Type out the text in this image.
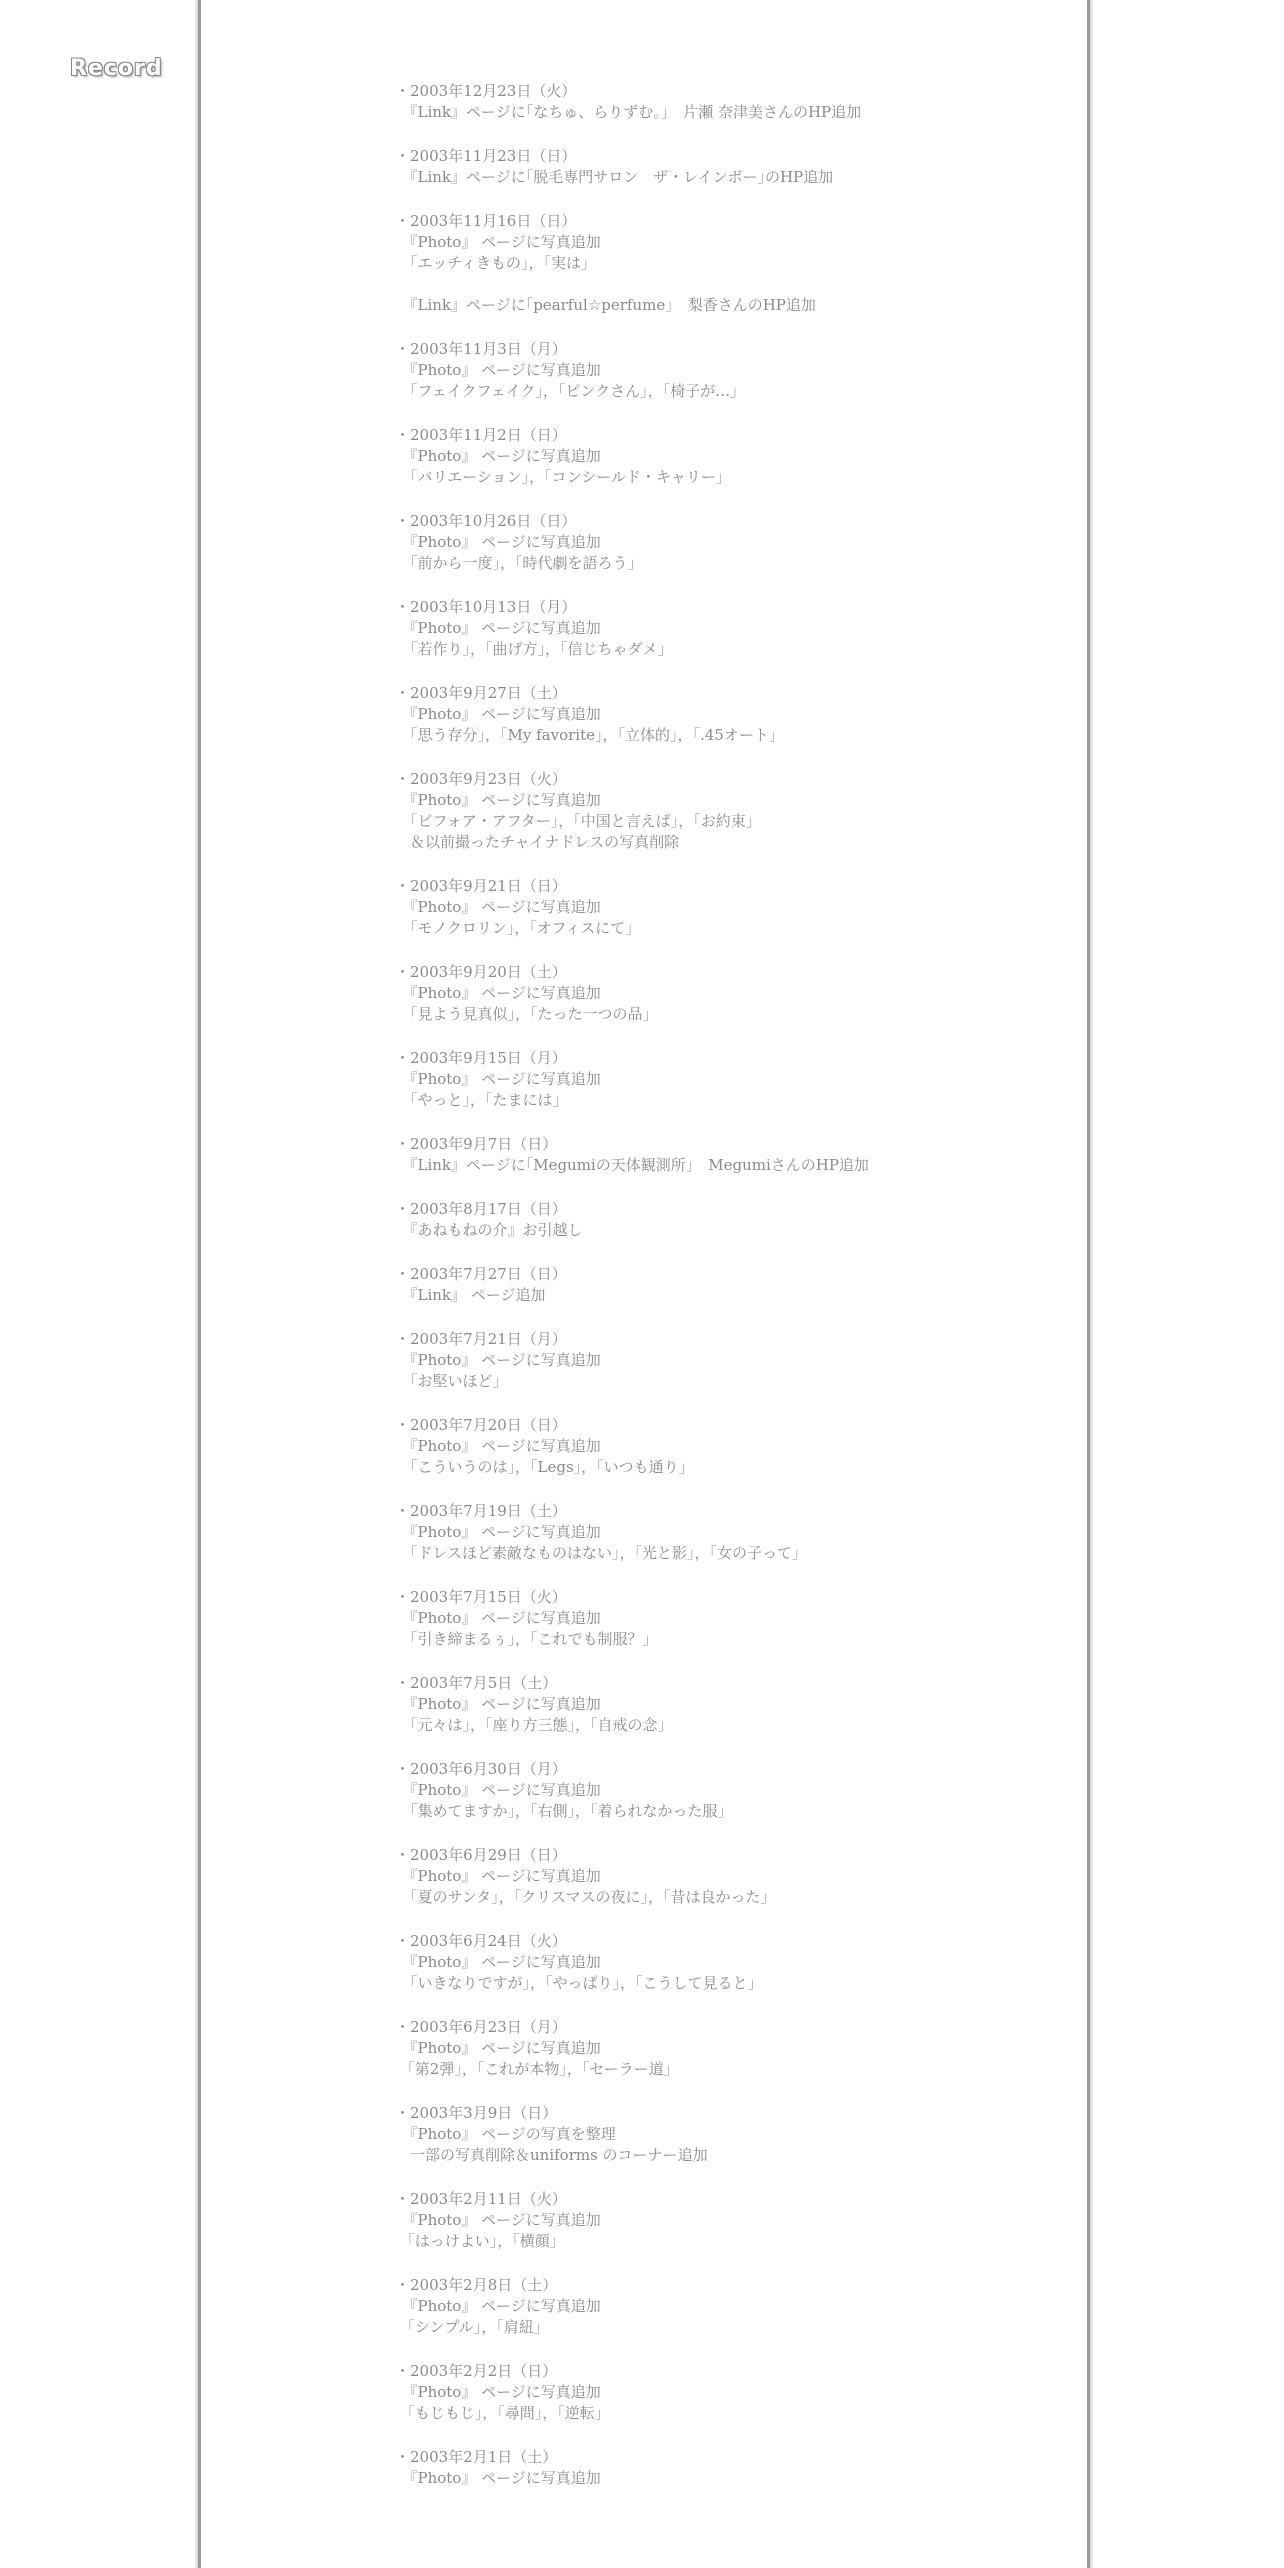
Record
・2003年12月23日（火）
　『Link』ページに｢なちゅ、らりずむ。」　片瀬 奈津美さんのHP追加
・2003年11月23日（日）
　『Link』ページに｢脱毛専門サロン　ザ・レインボー｣のHP追加
・2003年11月16日（日）
　『Photo』 ページに写真追加
　「エッチィきもの」，「実は」
　『Link』ページに｢pearful☆perfume｣　梨香さんのHP追加
・2003年11月3日（月）
　『Photo』 ページに写真追加
　「フェイクフェイク」，「ピンクさん」，「椅子が…」
・2003年11月2日（日）
　『Photo』 ページに写真追加
　「バリエーション」，「コンシールド・キャリー」
・2003年10月26日（日）
　『Photo』 ページに写真追加
　「前から一度」，「時代劇を語ろう」
・2003年10月13日（月）
　『Photo』 ページに写真追加
　「若作り」，「曲げ方」，「信じちゃダメ」
・2003年9月27日（土）
　『Photo』 ページに写真追加
　「思う存分」，「My favorite」，「立体的」，「.45オート」
・2003年9月23日（火）
　『Photo』 ページに写真追加
　「ビフォア・アフター」，「中国と言えば」，「お約束」
　＆以前撮ったチャイナドレスの写真削除
・2003年9月21日（日）
　『Photo』 ページに写真追加
　「モノクロリン」，「オフィスにて」
・2003年9月20日（土）
　『Photo』 ページに写真追加
　「見よう見真似」，「たった一つの品」
・2003年9月15日（月）
　『Photo』 ページに写真追加
　「やっと」，「たまには」
・2003年9月7日（日）
　『Link』ページに｢Megumiの天体観測所｣　MegumiさんのHP追加
・2003年8月17日（日）
　『あねもねの介』お引越し
・2003年7月27日（日）
　『Link』 ページ追加
・2003年7月21日（月）
　『Photo』 ページに写真追加
　「お堅いほど」
・2003年7月20日（日）
　『Photo』 ページに写真追加
　「こういうのは」，「Legs」，「いつも通り」
・2003年7月19日（土）
　『Photo』 ページに写真追加
　「ドレスほど素敵なものはない」，「光と影」，「女の子って」
・2003年7月15日（火）
　『Photo』 ページに写真追加
　「引き締まるぅ」，「これでも制服？」
・2003年7月5日（土）
　『Photo』 ページに写真追加
　「元々は」，「座り方三態」，「自戒の念」
・2003年6月30日（月）
　『Photo』 ページに写真追加
　「集めてますか」，「右側」，「着られなかった服」
・2003年6月29日（日）
　『Photo』 ページに写真追加
　「夏のサンタ」，「クリスマスの夜に」，「昔は良かった」
・2003年6月24日（火）
　『Photo』 ページに写真追加
　「いきなりですが」，「やっぱり」，「こうして見ると」
・2003年6月23日（月）
　『Photo』 ページに写真追加
「第2弾」，「これが本物」，「セーラー道」
・2003年3月9日（日）
　『Photo』 ページの写真を整理
　一部の写真削除＆uniforms のコーナー追加
・2003年2月11日（火）
　『Photo』 ページに写真追加
「はっけよい」，「横顔」
・2003年2月8日（土）
　『Photo』 ページに写真追加
「シンプル」，「肩紐」
・2003年2月2日（日）
　『Photo』 ページに写真追加
「もじもじ」，「尋問」，｢逆転｣
・2003年2月1日（土）
　『Photo』 ページに写真追加
